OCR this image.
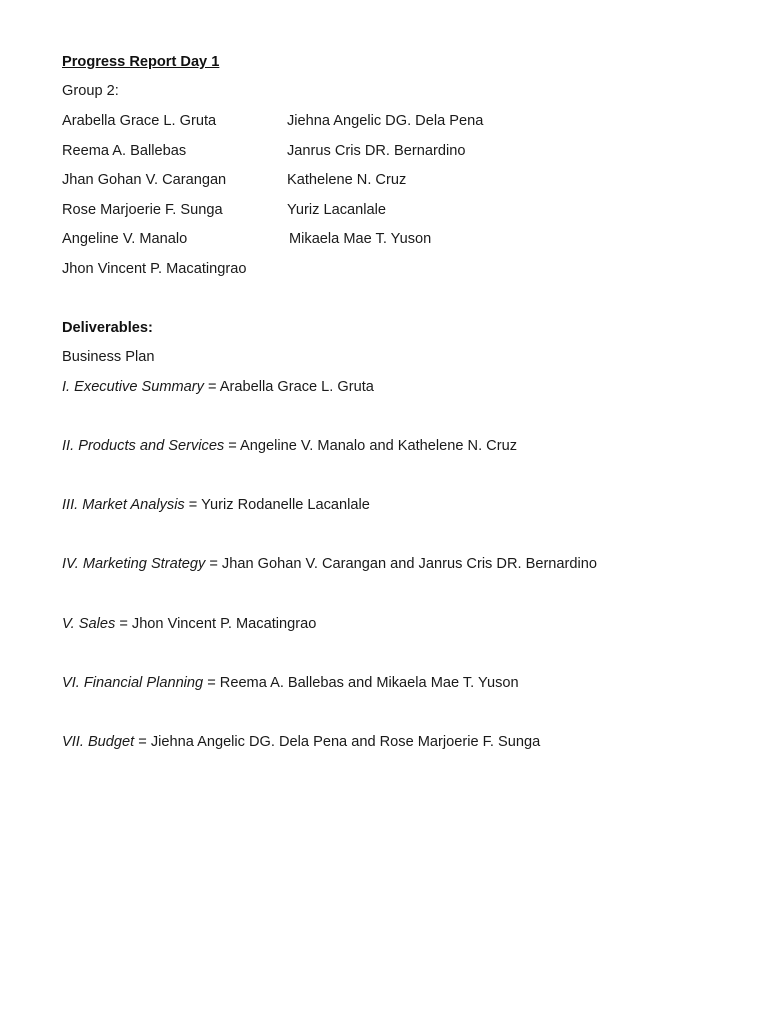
Progress Report Day 1
Group 2:
Arabella Grace L. Gruta
Reema A. Ballebas
Jhan Gohan V. Carangan
Rose Marjoerie F. Sunga
Angeline V. Manalo
Jhon Vincent P. Macatingrao
Jiehna Angelic DG. Dela Pena
Janrus Cris DR. Bernardino
Kathelene N. Cruz
Yuriz Lacanlale
Mikaela Mae T. Yuson
Deliverables:
Business Plan
I. Executive Summary = Arabella Grace L. Gruta
II. Products and Services = Angeline V. Manalo and Kathelene N. Cruz
III. Market Analysis = Yuriz Rodanelle Lacanlale
IV. Marketing Strategy = Jhan Gohan V. Carangan and Janrus Cris DR. Bernardino
V. Sales = Jhon Vincent P. Macatingrao
VI. Financial Planning = Reema A. Ballebas and Mikaela Mae T. Yuson
VII. Budget = Jiehna Angelic DG. Dela Pena and Rose Marjoerie F. Sunga
